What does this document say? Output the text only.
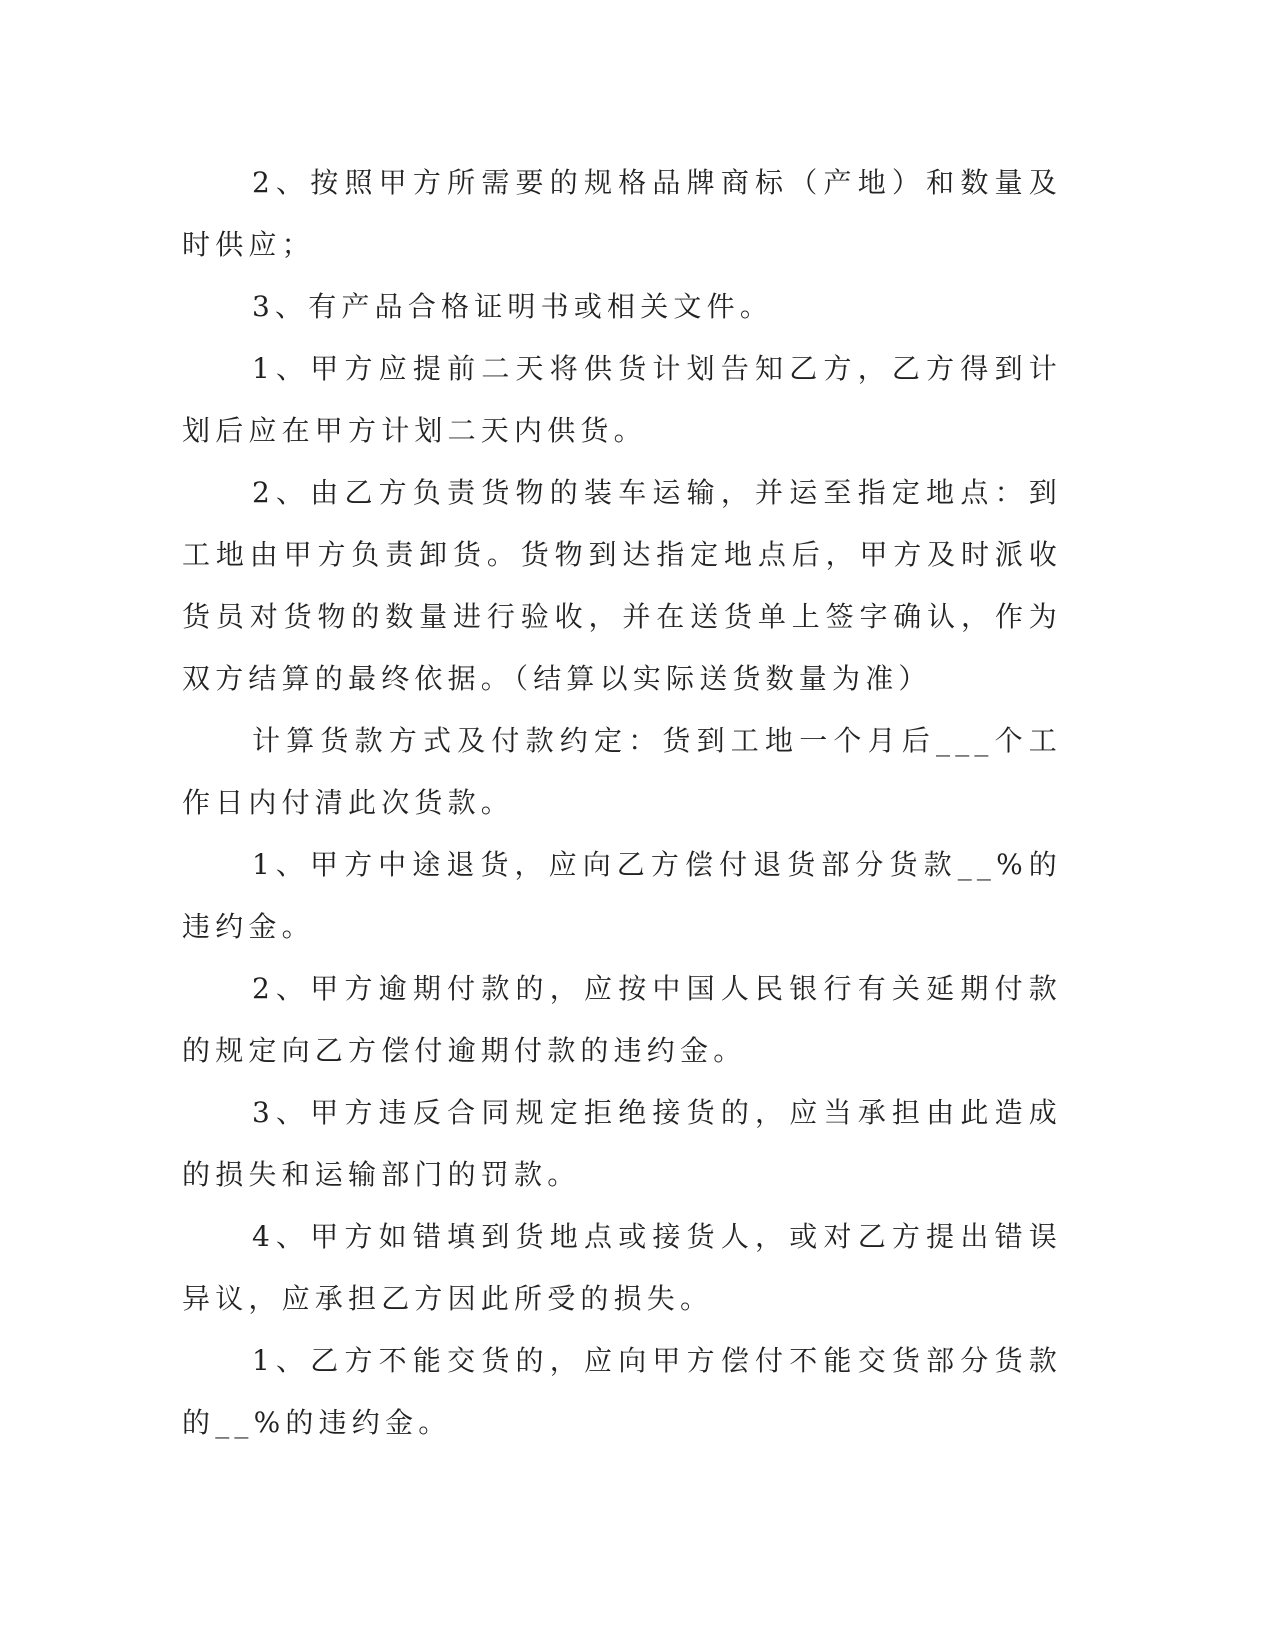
2、按照甲方所需要的规格品牌商标（产地）和数量及时供应；

3、有产品合格证明书或相关文件。

1、甲方应提前二天将供货计划告知乙方，乙方得到计划后应在甲方计划二天内供货。

2、由乙方负责货物的装车运输，并运至指定地点：到工地由甲方负责卸货。货物到达指定地点后，甲方及时派收货员对货物的数量进行验收，并在送货单上签字确认，作为双方结算的最终依据。（结算以实际送货数量为准）

计算货款方式及付款约定：货到工地一个月后___个工作日内付清此次货款。

1、甲方中途退货，应向乙方偿付退货部分货款__%的违约金。

2、甲方逾期付款的，应按中国人民银行有关延期付款的规定向乙方偿付逾期付款的违约金。

3、甲方违反合同规定拒绝接货的，应当承担由此造成的损失和运输部门的罚款。

4、甲方如错填到货地点或接货人，或对乙方提出错误异议，应承担乙方因此所受的损失。

1、乙方不能交货的，应向甲方偿付不能交货部分货款的__%的违约金。
